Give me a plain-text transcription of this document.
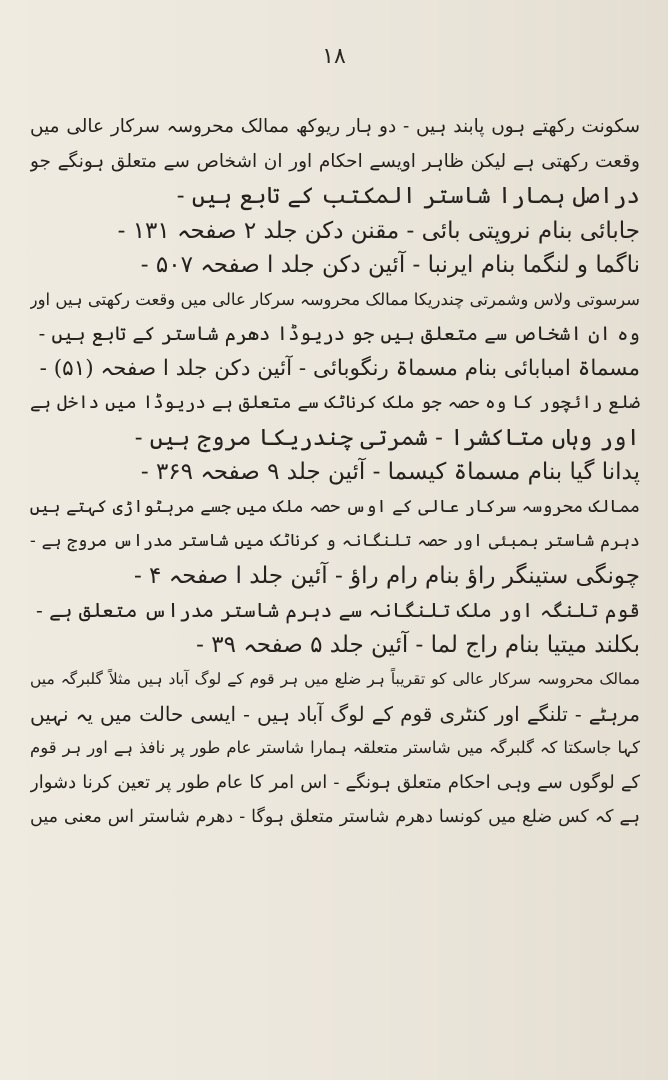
۱۸
سکونت رکھتے ہوں پابند ہیں - دو ہار ریوکھ ممالک محروسہ سرکار عالی میں
وقعت رکھتی ہے لیکن ظاہر اویسے احکام اور ان اشخاص سے متعلق ہونگے جو
دراصل ہمارا شاستر المکتب کے تابع ہیں -
جابائی بنام نروپتی بائی - مقنن دکن جلد ۲ صفحہ ۱۳۱ -
ناگما و لنگما بنام ایرنبا - آئین دکن جلد ا صفحہ ۵۰۷ -
سرسوتی ولاس وشمرتی چندریکا ممالک محروسہ سرکار عالی میں وقعت رکھتی ہیں اور
وہ ان اشخاص سے متعلق ہیں جو دریوڈا دھرم شاستر کے تابع ہیں -
مسماۃ امبابائی بنام مسماۃ رنگوبائی - آئین دکن جلد ا صفحہ (۵۱) -
ضلع رائچور کا وہ حصہ جو ملک کرناٹک سے متعلق ہے دریوڈا میں داخل ہے
اور وہاں متاکشرا - شمرتی چندریکا مروج ہیں -
پدانا گیا بنام مسماۃ کیسما - آئین جلد ۹ صفحہ ۳۶۹ -
ممالک محروسہ سرکار عالی کے اوس حصہ ملک میں جسے مرہٹواڑی کہتے ہیں
دہرم شاستر بمبئی اور حصہ تلنگانہ و کرناٹک میں شاستر مدراس مروج ہے -
چونگی ستینگر راؤ بنام رام راؤ - آئین جلد ا صفحہ ۴ -
قوم تلنگہ اور ملک تلنگانہ سے دہرم شاستر مدراس متعلق ہے -
بکلند میتیا بنام راج لما - آئین جلد ۵ صفحہ ۳۹ -
ممالک محروسہ سرکار عالی کو تقریباً ہر ضلع میں ہر قوم کے لوگ آباد ہیں مثلاً گلبرگہ میں
مرہٹے - تلنگے اور کنٹری قوم کے لوگ آباد ہیں - ایسی حالت میں یہ نہیں
کہا جاسکتا کہ گلبرگہ میں شاستر متعلقہ ہمارا شاستر عام طور پر نافذ ہے اور ہر قوم
کے لوگوں سے وہی احکام متعلق ہونگے - اس امر کا عام طور پر تعین کرنا دشوار
ہے کہ کس ضلع میں کونسا دھرم شاستر متعلق ہوگا - دھرم شاستر اس معنی میں
